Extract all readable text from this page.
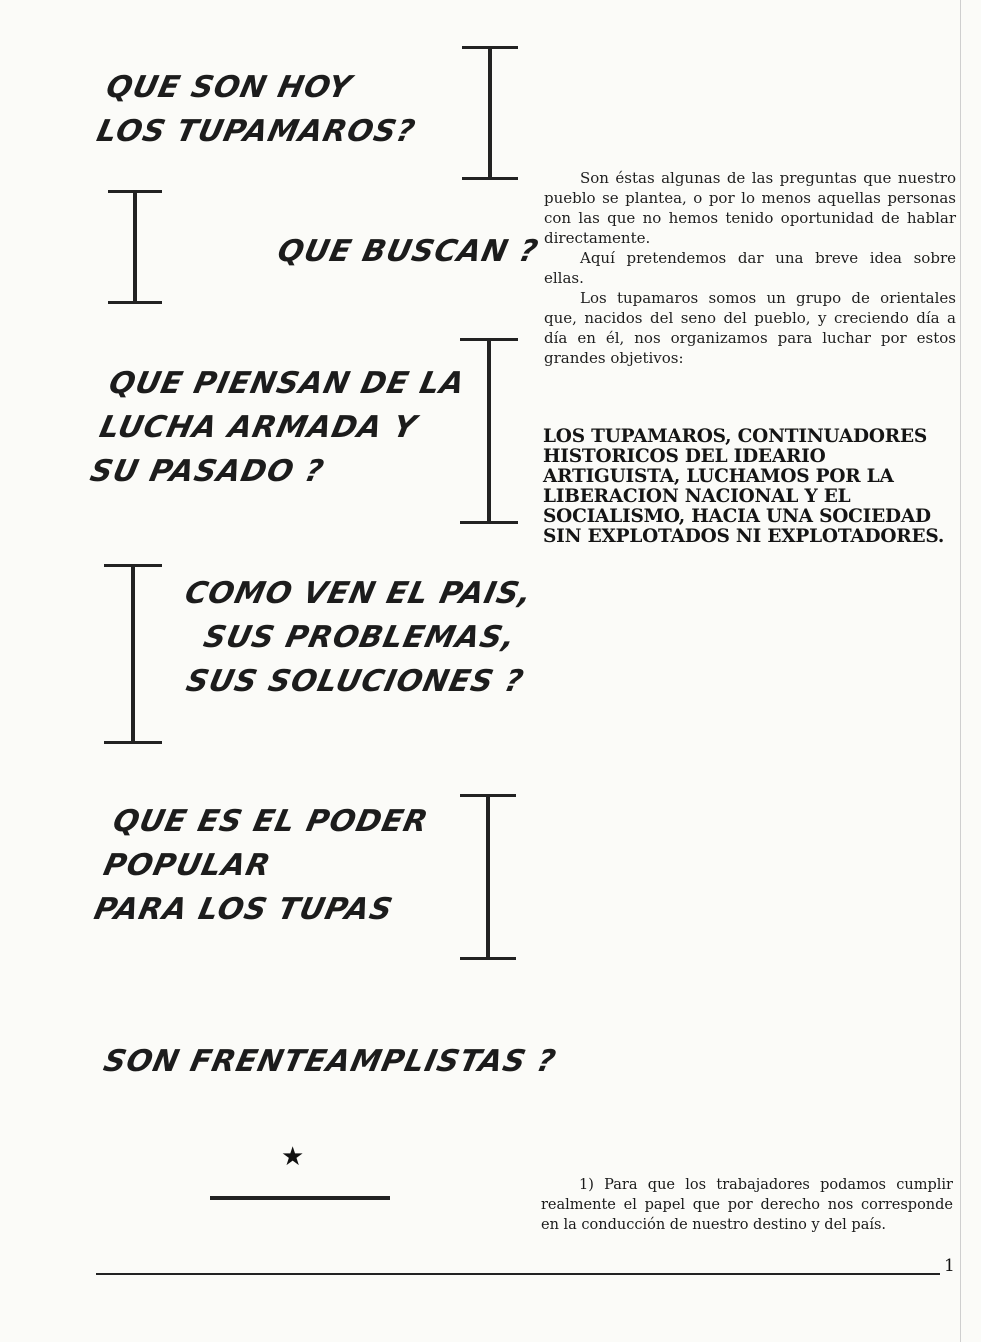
QUE SON HOY
LOS TUPAMAROS?
QUE BUSCAN ?
QUE PIENSAN DE LA
LUCHA ARMADA Y
SU PASADO ?
COMO VEN EL PAIS,
SUS PROBLEMAS,
SUS SOLUCIONES ?
QUE ES EL PODER
POPULAR
PARA LOS TUPAS
SON FRENTEAMPLISTAS ?

Son éstas algunas de las preguntas que nuestro pueblo se plantea, o por lo menos aquellas personas con las que no hemos tenido oportunidad de hablar directamente.

Aquí pretendemos dar una breve idea sobre ellas.

Los tupamaros somos un grupo de orientales que, nacidos del seno del pueblo, y creciendo día a día en él, nos organizamos para luchar por estos grandes objetivos:

LOS TUPAMAROS, CONTINUADORES
HISTORICOS DEL IDEARIO
ARTIGUISTA, LUCHAMOS POR LA
LIBERACION NACIONAL Y EL
SOCIALISMO, HACIA UNA SOCIEDAD
SIN EXPLOTADOS NI EXPLOTADORES.
★
1) Para que los trabajadores podamos cumplir realmente el papel que por derecho nos corresponde en la conducción de nuestro destino y del país.
1
